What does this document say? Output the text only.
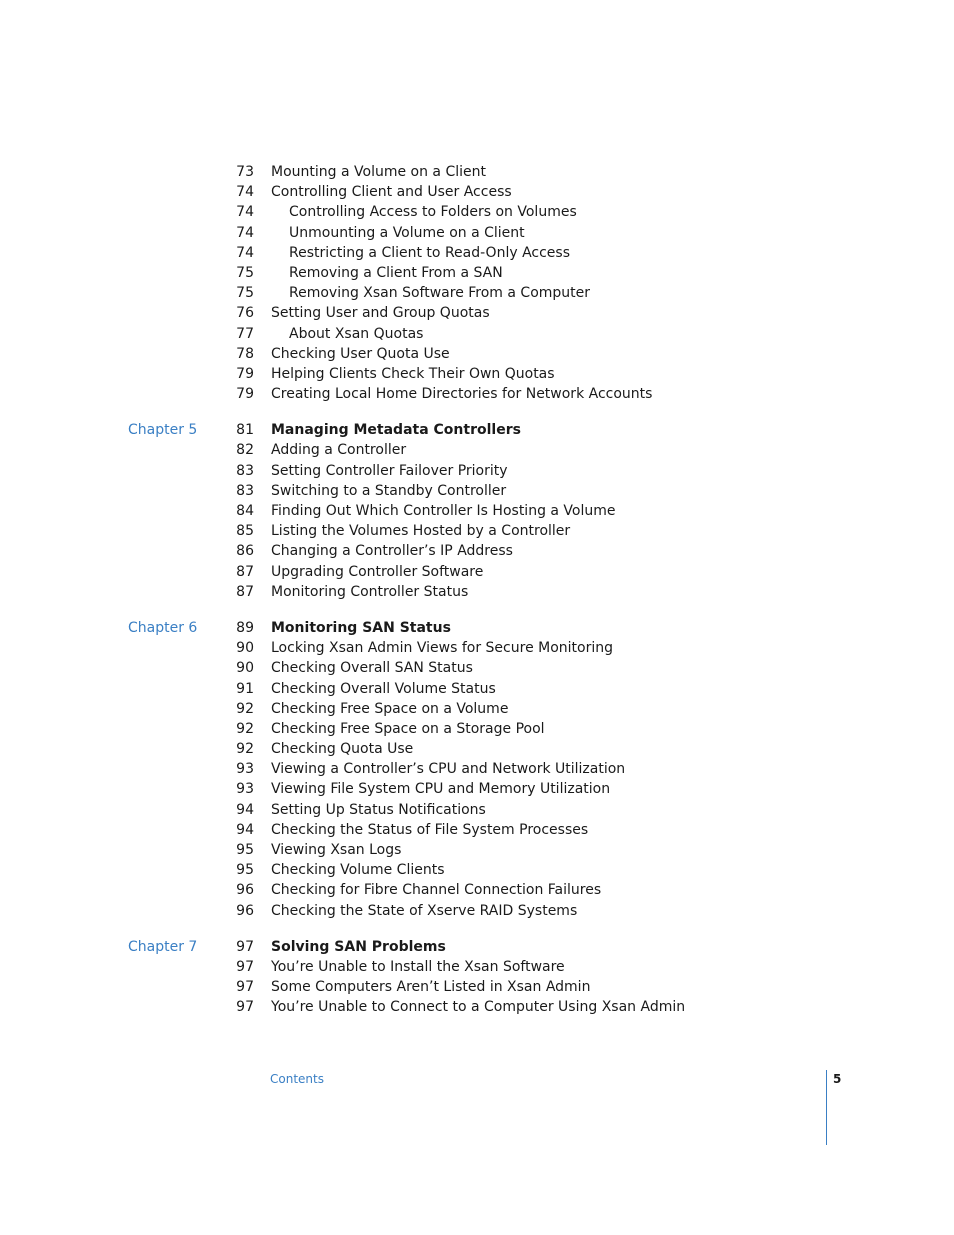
73 Mounting a Volume on a Client
74 Controlling Client and User Access
74	Controlling Access to Folders on Volumes
74	Unmounting a Volume on a Client
74	Restricting a Client to Read-Only Access
75	Removing a Client From a SAN
75	Removing Xsan Software From a Computer
76 Setting User and Group Quotas
77	About Xsan Quotas
78 Checking User Quota Use
79 Helping Clients Check Their Own Quotas
79 Creating Local Home Directories for Network Accounts
Chapter 5	81 Managing Metadata Controllers
82 Adding a Controller
83 Setting Controller Failover Priority
83 Switching to a Standby Controller
84 Finding Out Which Controller Is Hosting a Volume
85 Listing the Volumes Hosted by a Controller
86 Changing a Controller’s IP Address
87 Upgrading Controller Software
87 Monitoring Controller Status
Chapter 6	89 Monitoring SAN Status
90 Locking Xsan Admin Views for Secure Monitoring
90 Checking Overall SAN Status
91 Checking Overall Volume Status
92 Checking Free Space on a Volume
92 Checking Free Space on a Storage Pool
92 Checking Quota Use
93 Viewing a Controller’s CPU and Network Utilization
93 Viewing File System CPU and Memory Utilization
94 Setting Up Status Notifications
94 Checking the Status of File System Processes
95 Viewing Xsan Logs
95 Checking Volume Clients
96 Checking for Fibre Channel Connection Failures
96 Checking the State of Xserve RAID Systems
Chapter 7	97 Solving SAN Problems
97 You’re Unable to Install the Xsan Software
97 Some Computers Aren’t Listed in Xsan Admin
97 You’re Unable to Connect to a Computer Using Xsan Admin
Contents	5
